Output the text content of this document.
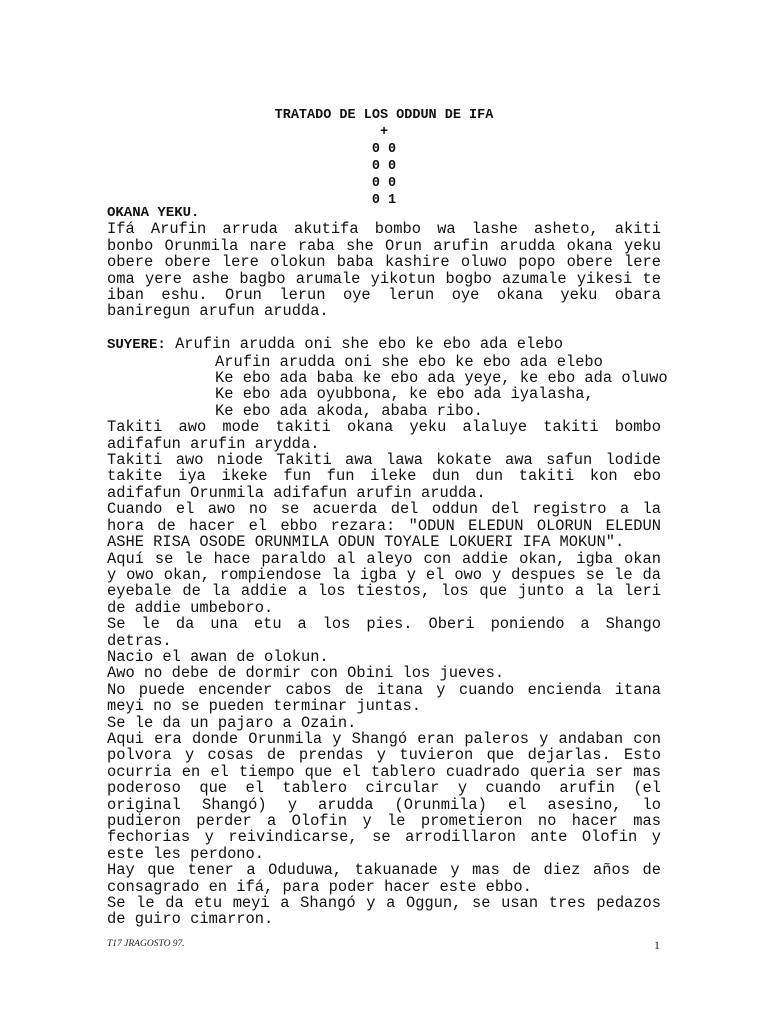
TRATADO DE LOS ODDUN DE IFA
+
0 0
0 0
0 0
0 1

OKANA YEKU.

Ifá Arufin arruda akutifa bombo wa lashe asheto, akiti bonbo Orunmila nare raba she Orun arufin arudda okana yeku obere obere lere olokun baba kashire oluwo popo obere lere oma yere ashe bagbo arumale yikotun bogbo azumale yikesi te iban eshu. Orun lerun oye lerun oye okana yeku obara baniregun arufun arudda.

SUYERE: Arufin arudda oni she ebo ke ebo ada elebo

Arufin arudda oni she ebo ke ebo ada elebo

Ke ebo ada baba ke ebo ada yeye, ke ebo ada oluwo

Ke ebo ada oyubbona, ke ebo ada iyalasha,

Ke ebo ada akoda, ababa ribo.

Takiti awo mode takiti okana yeku alaluye takiti bombo adifafun arufin arydda.

Takiti awo niode Takiti awa lawa kokate awa safun lodide takite iya ikeke fun fun ileke dun dun takiti kon ebo adifafun Orunmila adifafun arufin arudda.

Cuando el awo no se acuerda del oddun del registro a la hora de hacer el ebbo rezara: "ODUN ELEDUN OLORUN ELEDUN ASHE RISA OSODE ORUNMILA ODUN TOYALE LOKUERI IFA MOKUN".

Aquí se le hace paraldo al aleyo con addie okan, igba okan y owo okan, rompiendose la igba y el owo y despues se le da eyebale de la addie a los tiestos, los que junto a la leri de addie umbeboro.

Se le da una etu a los pies. Oberi poniendo a Shango detras.

Nacio el awan de olokun.

Awo no debe de dormir con Obini los jueves.

No puede encender cabos de itana y cuando encienda itana meyi no se pueden terminar juntas.

Se le da un pajaro a Ozain.

Aqui era donde Orunmila y Shangó eran paleros y andaban con polvora y cosas de prendas y tuvieron que dejarlas. Esto ocurria en el tiempo que el tablero cuadrado queria ser mas poderoso que el tablero circular y cuando arufin (el original Shangó) y arudda (Orunmila) el asesino, lo pudieron perder a Olofin y le prometieron no hacer mas fechorias y reivindicarse, se arrodillaron ante Olofin y este les perdono.

Hay que tener a Oduduwa, takuanade y mas de diez años de consagrado en ifá, para poder hacer este ebbo.

Se le da etu meyi a Shangó y a Oggun, se usan tres pedazos de guiro cimarron.

T17 JRAGOSTO 97.	1
